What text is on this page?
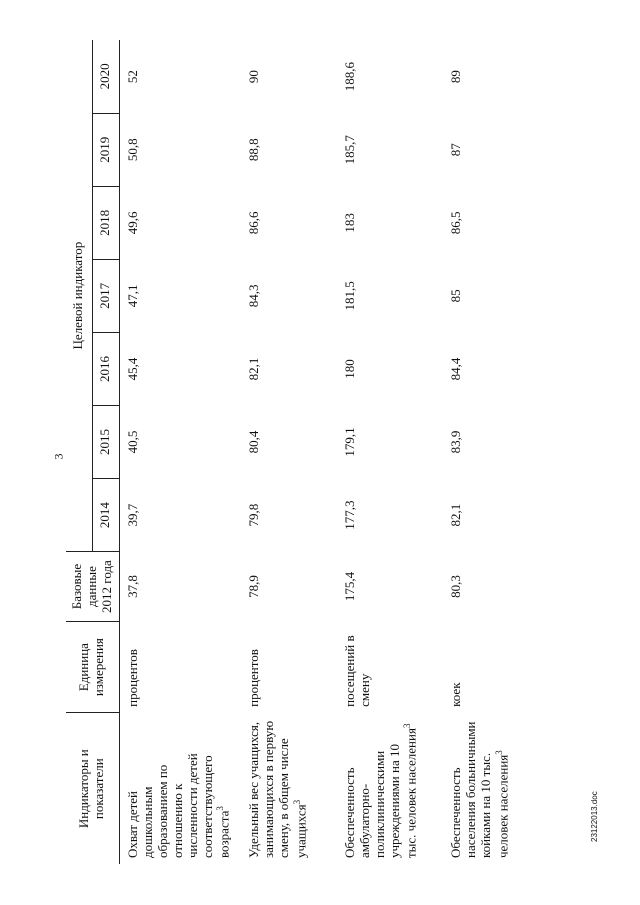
3
Индикаторы и показатели	Единица измерения	Базовые данные 2012 года	Целевой индикатор						
			2014	2015	2016	2017	2018	2019	2020
Охват детей дошкольным образованием по отношению к численности детей соответствующего возраста$^3$	процентов	37,8	39,7	40,5	45,4	47,1	49,6	50,8	52
Удельный вес учащихся, занимающихся в первую смену, в общем числе учащихся$^3$	процентов	78,9	79,8	80,4	82,1	84,3	86,6	88,8	90
Обеспеченность амбулаторно-поликлиническими учреждениями на 10 тыс. человек населения$^3$	посещений в смену	175,4	177,3	179,1	180	181,5	183	185,7	188,6
Обеспеченность населения больничными койками на 10 тыс. человек населения$^3$	коек	80,3	82,1	83,9	84,4	85	86,5	87	89
23122013.doc
